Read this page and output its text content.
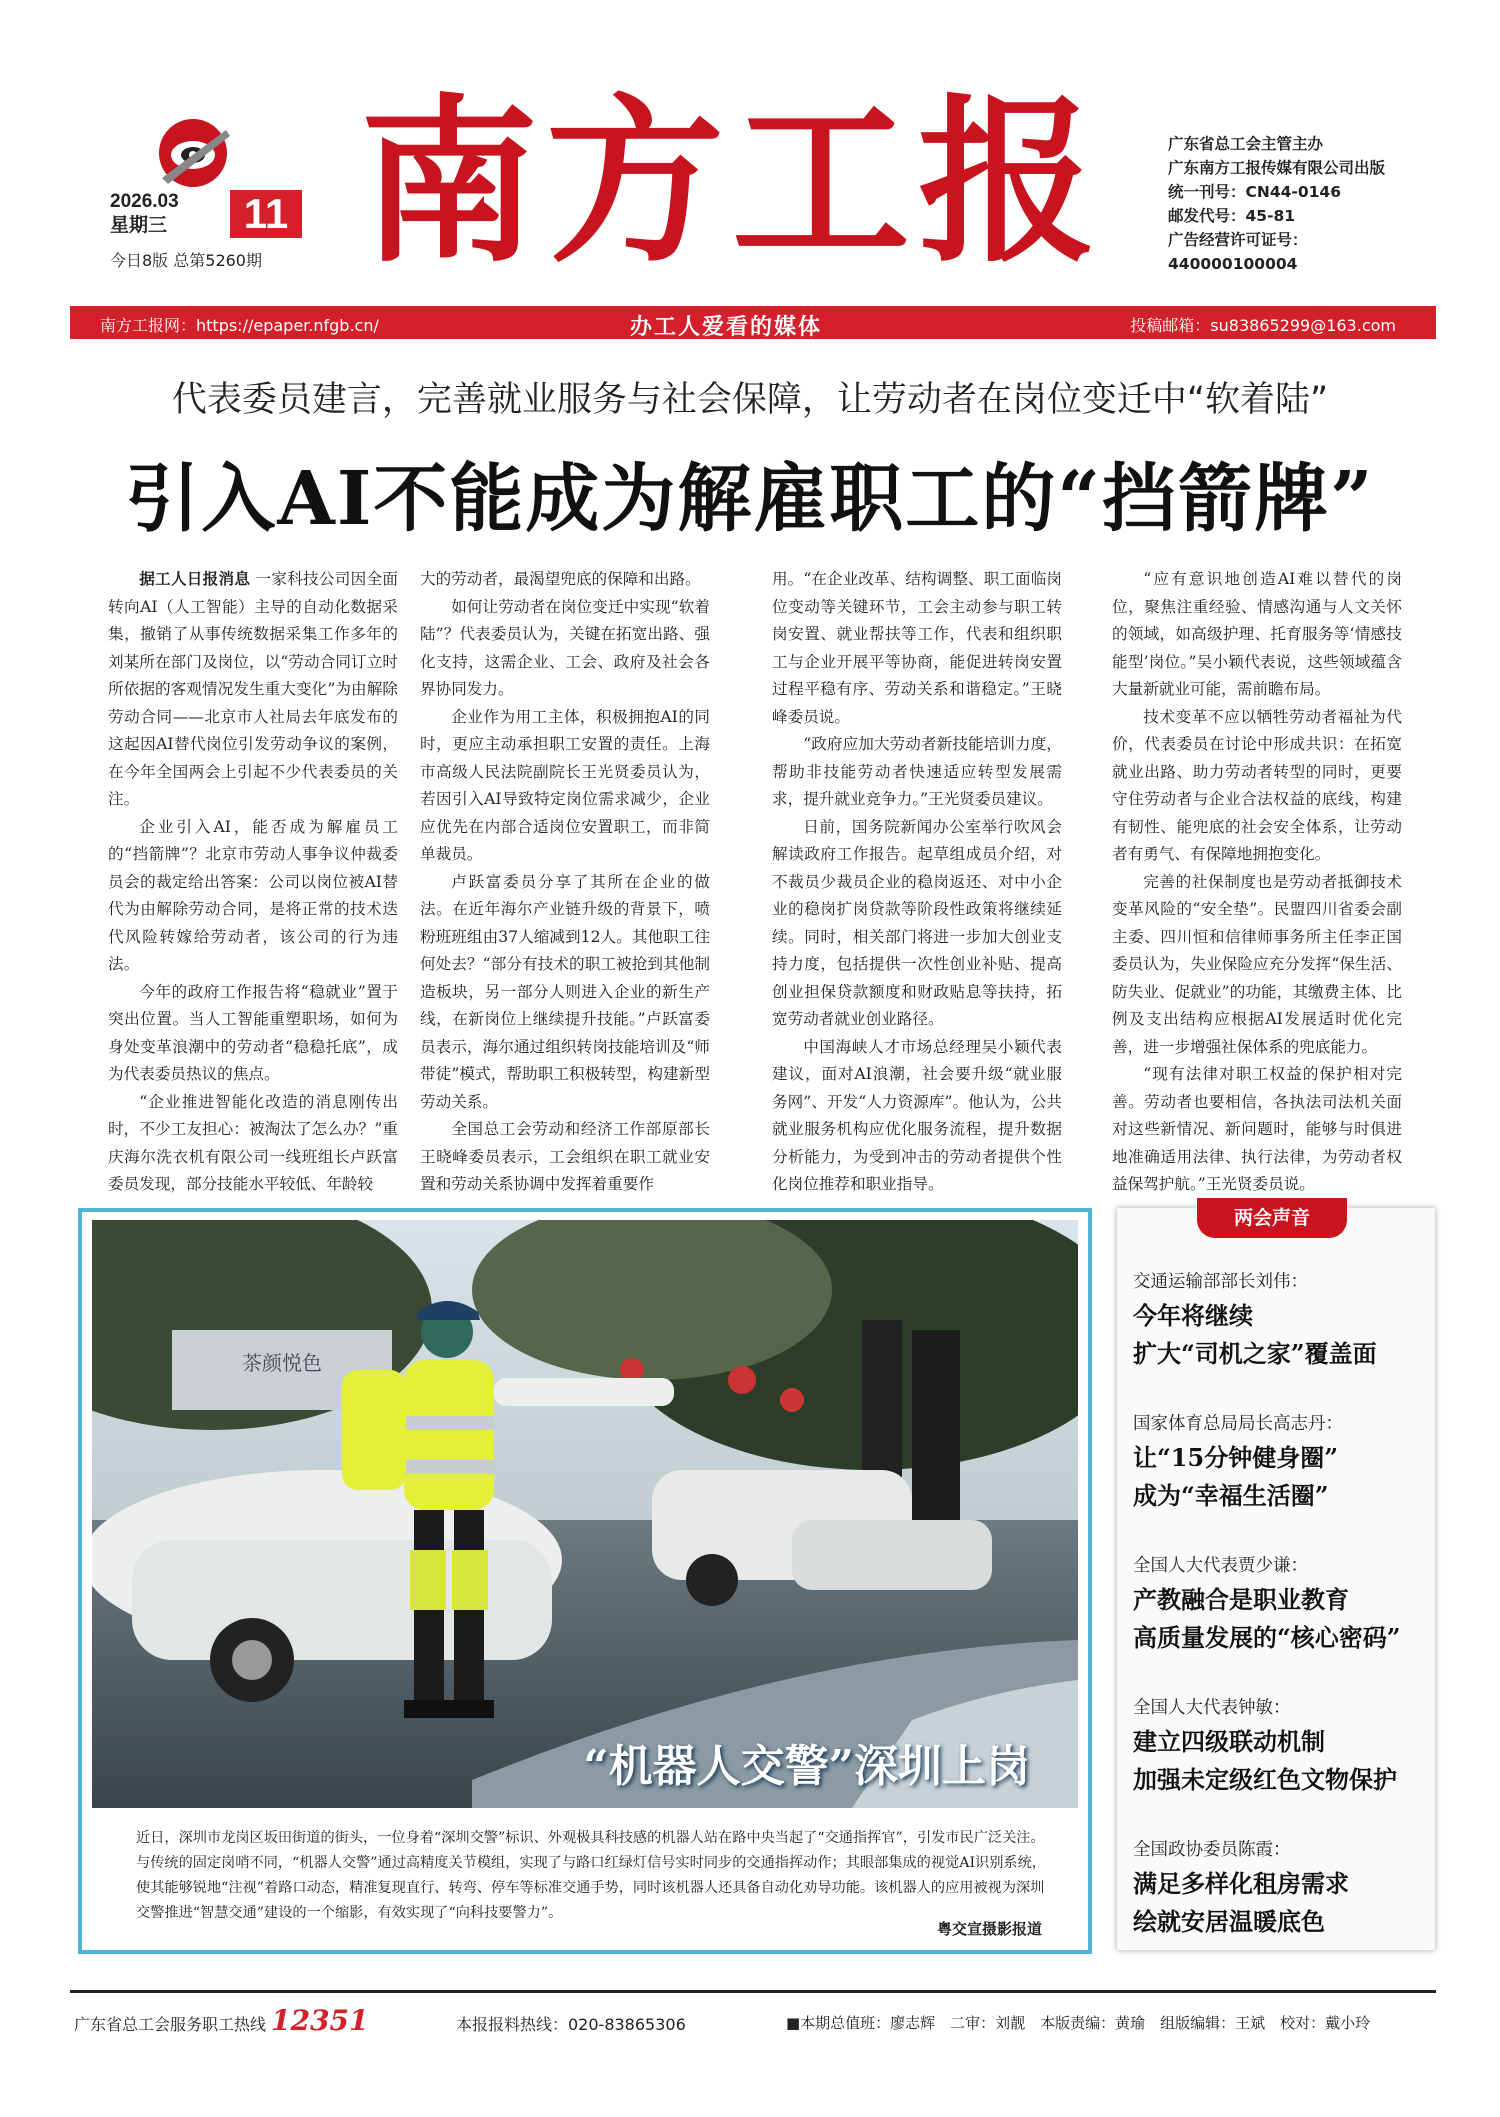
2026.03
星期三	11
今日8版 总第5260期 南方工报	广东省总工会主管主办
广东南方工报传媒有限公司出版
统一刊号：CN44-0146
邮发代号：45-81
广告经营许可证号：
440000100004
南方工报网：https://epaper.nfgb.cn/	办工人爱看的媒体	投稿邮箱：su83865299@163.com
代表委员建言，完善就业服务与社会保障，让劳动者在岗位变迁中“软着陆”
引入AI不能成为解雇职工的“挡箭牌”

据工人日报消息 一家科技公司因全面转向AI（人工智能）主导的自动化数据采集，撤销了从事传统数据采集工作多年的刘某所在部门及岗位，以“劳动合同订立时所依据的客观情况发生重大变化”为由解除劳动合同——北京市人社局去年底发布的这起因AI替代岗位引发劳动争议的案例，在今年全国两会上引起不少代表委员的关注。

企业引入AI，能否成为解雇员工的“挡箭牌”？北京市劳动人事争议仲裁委员会的裁定给出答案：公司以岗位被AI替代为由解除劳动合同，是将正常的技术迭代风险转嫁给劳动者，该公司的行为违法。

今年的政府工作报告将“稳就业”置于突出位置。当人工智能重塑职场，如何为身处变革浪潮中的劳动者“稳稳托底”，成为代表委员热议的焦点。

“企业推进智能化改造的消息刚传出时，不少工友担心：被淘汰了怎么办？”重庆海尔洗衣机有限公司一线班组长卢跃富委员发现，部分技能水平较低、年龄较

大的劳动者，最渴望兜底的保障和出路。

如何让劳动者在岗位变迁中实现“软着陆”？代表委员认为，关键在拓宽出路、强化支持，这需企业、工会、政府及社会各界协同发力。

企业作为用工主体，积极拥抱AI的同时，更应主动承担职工安置的责任。上海市高级人民法院副院长王光贤委员认为，若因引入AI导致特定岗位需求减少，企业应优先在内部合适岗位安置职工，而非简单裁员。

卢跃富委员分享了其所在企业的做法。在近年海尔产业链升级的背景下，喷粉班班组由37人缩减到12人。其他职工往何处去？“部分有技术的职工被抢到其他制造板块，另一部分人则进入企业的新生产线，在新岗位上继续提升技能。”卢跃富委员表示，海尔通过组织转岗技能培训及“师带徒”模式，帮助职工积极转型，构建新型劳动关系。

全国总工会劳动和经济工作部原部长王晓峰委员表示，工会组织在职工就业安置和劳动关系协调中发挥着重要作

用。“在企业改革、结构调整、职工面临岗位变动等关键环节，工会主动参与职工转岗安置、就业帮扶等工作，代表和组织职工与企业开展平等协商，能促进转岗安置过程平稳有序、劳动关系和谐稳定。”王晓峰委员说。

“政府应加大劳动者新技能培训力度，帮助非技能劳动者快速适应转型发展需求，提升就业竞争力。”王光贤委员建议。

日前，国务院新闻办公室举行吹风会解读政府工作报告。起草组成员介绍，对不裁员少裁员企业的稳岗返还、对中小企业的稳岗扩岗贷款等阶段性政策将继续延续。同时，相关部门将进一步加大创业支持力度，包括提供一次性创业补贴、提高创业担保贷款额度和财政贴息等扶持，拓宽劳动者就业创业路径。

中国海峡人才市场总经理吴小颖代表建议，面对AI浪潮，社会要升级“就业服务网”、开发“人力资源库”。他认为，公共就业服务机构应优化服务流程，提升数据分析能力，为受到冲击的劳动者提供个性化岗位推荐和职业指导。

“应有意识地创造AI难以替代的岗位，聚焦注重经验、情感沟通与人文关怀的领域，如高级护理、托育服务等‘情感技能型’岗位。”吴小颖代表说，这些领域蕴含大量新就业可能，需前瞻布局。

技术变革不应以牺牲劳动者福祉为代价，代表委员在讨论中形成共识：在拓宽就业出路、助力劳动者转型的同时，更要守住劳动者与企业合法权益的底线，构建有韧性、能兜底的社会安全体系，让劳动者有勇气、有保障地拥抱变化。

完善的社保制度也是劳动者抵御技术变革风险的“安全垫”。民盟四川省委会副主委、四川恒和信律师事务所主任李正国委员认为，失业保险应充分发挥“保生活、防失业、促就业”的功能，其缴费主体、比例及支出结构应根据AI发展适时优化完善，进一步增强社保体系的兜底能力。

“现有法律对职工权益的保护相对完善。劳动者也要相信，各执法司法机关面对这些新情况、新问题时，能够与时俱进地准确适用法律、执行法律，为劳动者权益保驾护航。”王光贤委员说。

茶颜悦色
“机器人交警”深圳上岗
近日，深圳市龙岗区坂田街道的街头，一位身着“深圳交警”标识、外观极具科技感的机器人站在路中央当起了“交通指挥官”，引发市民广泛关注。与传统的固定岗哨不同，“机器人交警”通过高精度关节模组，实现了与路口红绿灯信号实时同步的交通指挥动作；其眼部集成的视觉AI识别系统，使其能够锐地“注视”着路口动态，精准复现直行、转弯、停车等标准交通手势，同时该机器人还具备自动化劝导功能。该机器人的应用被视为深圳交警推进“智慧交通”建设的一个缩影，有效实现了“向科技要警力”。
粤交宣摄影报道
两会声音
交通运输部部长刘伟：
今年将继续
扩大“司机之家”覆盖面
国家体育总局局长高志丹：
让“15分钟健身圈”
成为“幸福生活圈”
全国人大代表贾少谦：
产教融合是职业教育
高质量发展的“核心密码”
全国人大代表钟敏：
建立四级联动机制
加强未定级红色文物保护
全国政协委员陈霞：
满足多样化租房需求
绘就安居温暖底色
广东省总工会服务职工热线 12351	本报报料热线：020-83865306	■本期总值班：廖志辉　二审：刘靓　本版责编：黄瑜　组版编辑：王斌　校对：戴小玲
